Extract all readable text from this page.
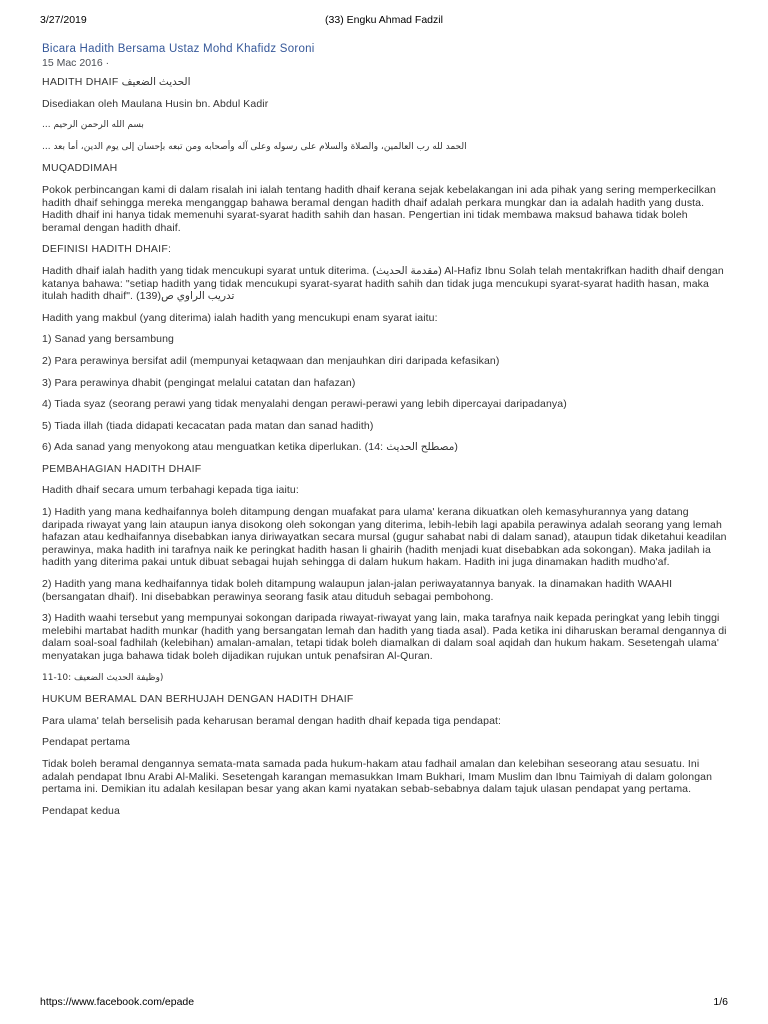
3/27/2019	(33) Engku Ahmad Fadzil
Bicara Hadith Bersama Ustaz Mohd Khafidz Soroni
15 Mac 2016 ·

HADITH DHAIF الحديث الضعيف

Disediakan oleh Maulana Husin bn. Abdul Kadir

... بسم الله الرحمن الرحيم

... الحمد لله رب العالمين، والصلاة والسلام على رسوله وعلى آله وأصحابه ومن تبعه بإحسان إلى يوم الدين، أما بعد

MUQADDIMAH

Pokok perbincangan kami di dalam risalah ini ialah tentang hadith dhaif kerana sejak kebelakangan ini ada pihak yang sering memperkecilkan hadith dhaif sehingga mereka menganggap bahawa beramal dengan hadith dhaif adalah perkara mungkar dan ia adalah hadith yang dusta. Hadith dhaif ini hanya tidak memenuhi syarat-syarat hadith sahih dan hasan. Pengertian ini tidak membawa maksud bahawa tidak boleh beramal dengan hadith dhaif.

DEFINISI HADITH DHAIF:

Hadith dhaif ialah hadith yang tidak mencukupi syarat untuk diterima. (مقدمة الحديث) Al-Hafiz Ibnu Solah telah mentakrifkan hadith dhaif dengan katanya bahawa: "setiap hadith yang tidak mencukupi syarat-syarat hadith sahih dan tidak juga mencukupi syarat-syarat hadith hasan, maka itulah hadith dhaif". (139)تدريب الراوي ص

Hadith yang makbul (yang diterima) ialah hadith yang mencukupi enam syarat iaitu:

1) Sanad yang bersambung

2) Para perawinya bersifat adil (mempunyai ketaqwaan dan menjauhkan diri daripada kefasikan)

3) Para perawinya dhabit (pengingat melalui catatan dan hafazan)

4) Tiada syaz (seorang perawi yang tidak menyalahi dengan perawi-perawi yang lebih dipercayai daripadanya)

5) Tiada illah (tiada didapati kecacatan pada matan dan sanad hadith)

6) Ada sanad yang menyokong atau menguatkan ketika diperlukan. (14: مصطلح الحديث)

PEMBAHAGIAN HADITH DHAIF

Hadith dhaif secara umum terbahagi kepada tiga iaitu:

1) Hadith yang mana kedhaifannya boleh ditampung dengan muafakat para ulama' kerana dikuatkan oleh kemasyhurannya yang datang daripada riwayat yang lain ataupun ianya disokong oleh sokongan yang diterima, lebih-lebih lagi apabila perawinya adalah seorang yang lemah hafazan atau kedhaifannya disebabkan ianya diriwayatkan secara mursal (gugur sahabat nabi di dalam sanad), ataupun tidak diketahui keadilan perawinya, maka hadith ini tarafnya naik ke peringkat hadith hasan li ghairih (hadith menjadi kuat disebabkan ada sokongan). Maka jadilah ia hadith yang diterima pakai untuk dibuat sebagai hujah sehingga di dalam hukum hakam. Hadith ini juga dinamakan hadith mudho'af.

2) Hadith yang mana kedhaifannya tidak boleh ditampung walaupun jalan-jalan periwayatannya banyak. Ia dinamakan hadith WAAHI (bersangatan dhaif). Ini disebabkan perawinya seorang fasik atau dituduh sebagai pembohong.

3) Hadith waahi tersebut yang mempunyai sokongan daripada riwayat-riwayat yang lain, maka tarafnya naik kepada peringkat yang lebih tinggi melebihi martabat hadith munkar (hadith yang bersangatan lemah dan hadith yang tiada asal). Pada ketika ini diharuskan beramal dengannya di dalam soal-soal fadhilah (kelebihan) amalan-amalan, tetapi tidak boleh diamalkan di dalam soal aqidah dan hukum hakam. Sesetengah ulama' menyatakan juga bahawa tidak boleh dijadikan rujukan untuk penafsiran Al-Quran.

وظيفة الحديث الضعيف :10-11)

HUKUM BERAMAL DAN BERHUJAH DENGAN HADITH DHAIF

Para ulama' telah berselisih pada keharusan beramal dengan hadith dhaif kepada tiga pendapat:

Pendapat pertama

Tidak boleh beramal dengannya semata-mata samada pada hukum-hakam atau fadhail amalan dan kelebihan seseorang atau sesuatu. Ini adalah pendapat Ibnu Arabi Al-Maliki. Sesetengah karangan memasukkan Imam Bukhari, Imam Muslim dan Ibnu Taimiyah di dalam golongan pertama ini. Demikian itu adalah kesilapan besar yang akan kami nyatakan sebab-sebabnya dalam tajuk ulasan pendapat yang pertama.

Pendapat kedua

https://www.facebook.com/epade	1/6
